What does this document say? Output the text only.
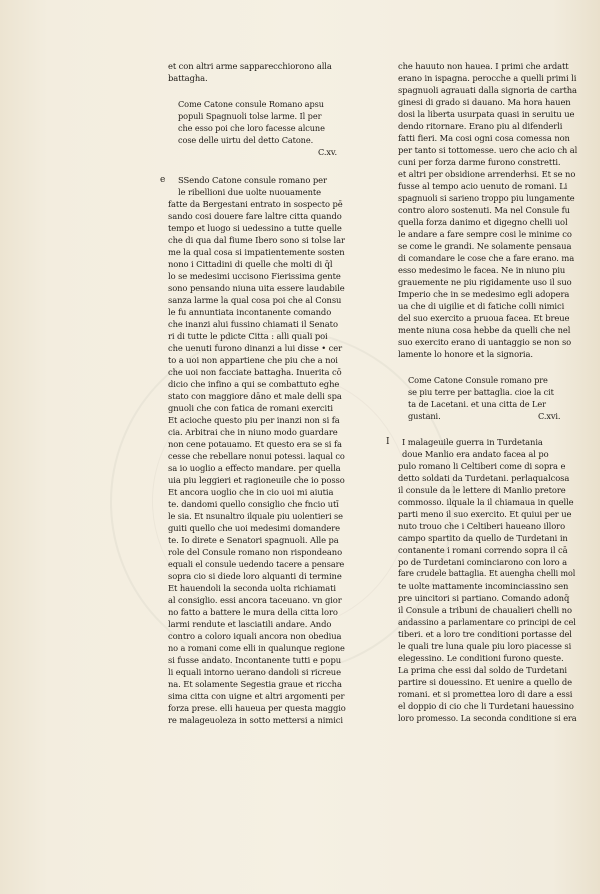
et con altri arme sapparecchiorono alla
battagha.
Come Catone consule Romano apsu
populi Spagnuoli tolse larme. Il per
che esso poi che loro facesse alcune
cose delle uirtu del detto Catone.
C.xv.
e SSendo Catone consule romano per
le ribellioni due uolte nuouamente
fatte da Bergestani entrato in sospecto pē
sando cosi douere fare laltre citta quando
tempo et luogo si uedessino a tutte quelle
che di qua dal fiume Ibero sono si tolse lar
me la qual cosa si impatientemente sosten
nono i Cittadini di quelle che molti di q̄l
lo se medesimi uccisono Fierissima gente
sono pensando niuna uita essere laudabile
sanza larme la qual cosa poi che al Consu
le fu annuntiata incontanente comando
che inanzi alui fussino chiamati il Senato
ri di tutte le pdicte Citta : alli quali poi
che uenuti furono dinanzi a lui disse • cer
to a uoi non appartiene che piu che a noi
che uoi non facciate battagha. Inuerita cō
dicio che infino a qui se combattuto eghe
stato con maggiore dāno et male delli spa
gnuoli che con fatica de romani exerciti
Et acioche questo piu per inanzi non si fa
cia. Arbitrai che in niuno modo guardare
non cene potauamo. Et questo era se si fa
cesse che rebellare nonui potessi. laqual co
sa io uoglio a effecto mandare. per quella
uia piu leggieri et ragioneuile che io posso
Et ancora uoglio che in cio uoi mi aiutia
te. dandomi quello consiglio che fncio utī
le sia. Et nsunaltro ilquale piu uolentieri se
guiti quello che uoi medesimi domandere
te. Io direte e Senatori spagnuoli. Alle pa
role del Consule romano non rispondeano
equali el consule uedendo tacere a pensare
sopra cio si diede loro alquanti di termine
Et hauendoli la seconda uolta richiamati
al consiglio. essi ancora taceuano. vn gior
no fatto a battere le mura della citta loro
larmi rendute et lasciatili andare. Ando
contro a coloro iquali ancora non obediua
no a romani come elli in qualunque regione
si fusse andato. Incontanente tutti e popu
li equali intorno uerano dandoli si ricreue
na. Et solamente Segestia graue et riccha
sima citta con uigne et altri argomenti per
forza prese. elli haueua per questa maggio
re malageuoleza in sotto mettersi a nimici
che hauuto non hauea. I primi che ardatt
erano in ispagna. perocche a quelli primi li
spagnuoli agrauati dalla signoria de cartha
ginesi di grado si dauano. Ma hora hauen
dosi la liberta usurpata quasi in seruitu ue
dendo ritornare. Erano piu al difenderli
fatti fieri. Ma cosi ogni cosa comessa non
per tanto si tottomesse. uero che acio ch al
cuni per forza darme furono constretti.
et altri per obsidione arrenderhsi. Et se no
fusse al tempo acio uenuto de romani. Li
spagnuoli si sarieno troppo piu lungamente
contro aloro sostenuti. Ma nel Consule fu
quella forza danimo et digegno chelli uol
le andare a fare sempre cosi le minime co
se come le grandi. Ne solamente pensaua
di comandare le cose che a fare erano. ma
esso medesimo le facea. Ne in niuno piu
grauemente ne piu rigidamente uso il suo
Imperio che in se medesimo egli adopera
ua che di uigilie et di fatiche colli nimici
del suo exercito a pruoua facea. Et breue
mente niuna cosa hebbe da quelli che nel
suo exercito erano di uantaggio se non so
lamente lo honore et la signoria.
Come Catone Consule romano pre
se piu terre per battaglia. cioe la cit
ta de Lacetani. et una citta de Ler
gustani.	C.xvi.
I I malageuile guerra in Turdetania
doue Manlio era andato facea al po
pulo romano li Celtiberi come di sopra e
detto soldati da Turdetani. perlaqualcosa
il consule da le lettere di Manlio pretore
commosso. ilquale la il chiamaua in quelle
parti meno il suo exercito. Et quiui per ue
nuto trouo che i Celtiberi haueano illoro
campo spartito da quello de Turdetani in
contanente i romani correndo sopra il cā
po de Turdetani cominciarono con loro a
fare crudele battaglia. Et auengha chelli mol
te uolte mattamente incominciassino sen
pre uincitori si partiano. Comando adonq̄
il Consule a tribuni de chaualieri chelli no
andassino a parlamentare co principi de cel
tiberi. et a loro tre conditioni portasse del
le quali tre luna quale piu loro piacesse si
elegessino. Le conditioni furono queste.
La prima che essi dal soldo de Turdetani
partire si douessino. Et uenire a quello de
romani. et si promettea loro di dare a essi
el doppio di cio che li Turdetani hauessino
loro promesso. La seconda conditione si era
